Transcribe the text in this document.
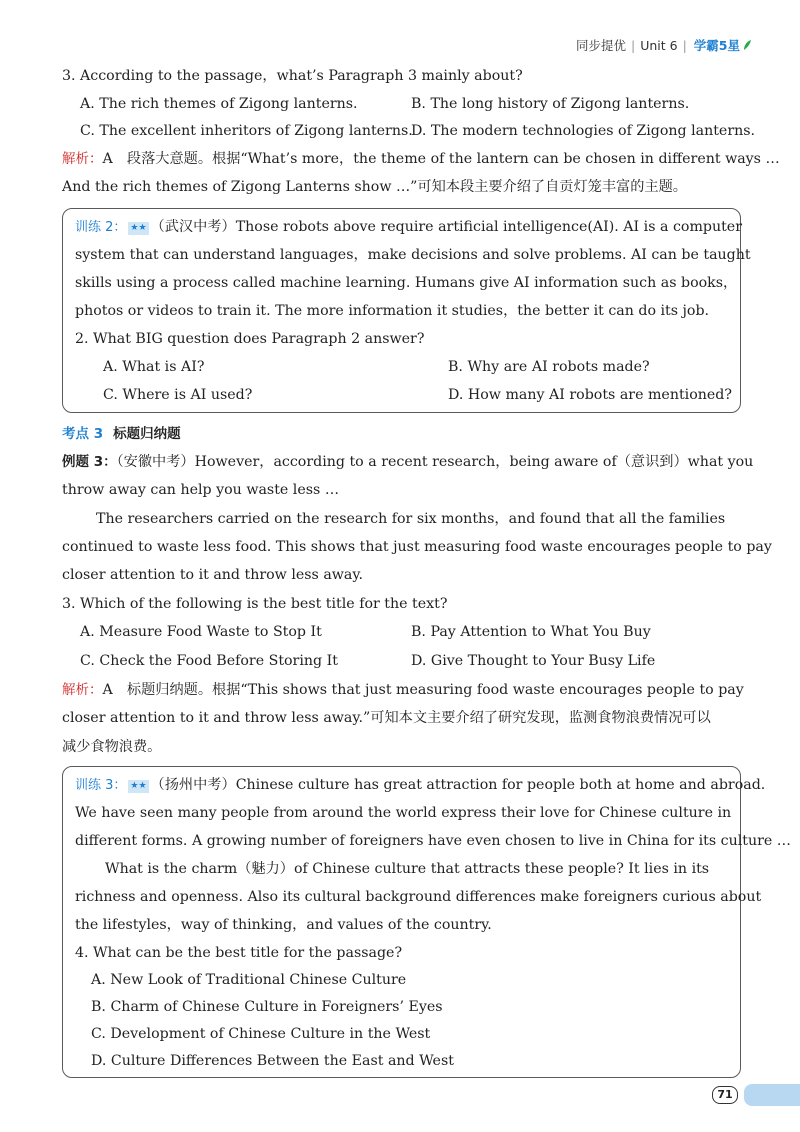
同步提优 | Unit 6 | 学霸5星
3. According to the passage，what’s Paragraph 3 mainly about?
A. The rich themes of Zigong lanterns.	B. The long history of Zigong lanterns.
C. The excellent inheritors of Zigong lanterns.
D. The modern technologies of Zigong lanterns.
解析：A　段落大意题。根据“What’s more，the theme of the lantern can be chosen in different ways …
And the rich themes of Zigong Lanterns show …”可知本段主要介绍了自贡灯笼丰富的主题。
训练 2： ★★ （武汉中考）Those robots above require artificial intelligence(AI). AI is a computer
system that can understand languages，make decisions and solve problems. AI can be taught
skills using a process called machine learning. Humans give AI information such as books，
photos or videos to train it. The more information it studies，the better it can do its job.
2. What BIG question does Paragraph 2 answer?
A. What is AI?	B. Why are AI robots made?
C. Where is AI used?	D. How many AI robots are mentioned?
考点 3 标题归纳题
例题 3：（安徽中考）However，according to a recent research，being aware of（意识到）what you
throw away can help you waste less …
The researchers carried on the research for six months，and found that all the families
continued to waste less food. This shows that just measuring food waste encourages people to pay
closer attention to it and throw less away.
3. Which of the following is the best title for the text?
A. Measure Food Waste to Stop It	B. Pay Attention to What You Buy
C. Check the Food Before Storing It	D. Give Thought to Your Busy Life
解析：A　标题归纳题。根据“This shows that just measuring food waste encourages people to pay
closer attention to it and throw less away.”可知本文主要介绍了研究发现，监测食物浪费情况可以
减少食物浪费。
训练 3： ★★ （扬州中考）Chinese culture has great attraction for people both at home and abroad.
We have seen many people from around the world express their love for Chinese culture in
different forms. A growing number of foreigners have even chosen to live in China for its culture …
What is the charm（魅力）of Chinese culture that attracts these people? It lies in its
richness and openness. Also its cultural background differences make foreigners curious about
the lifestyles，way of thinking，and values of the country.
4. What can be the best title for the passage?
A. New Look of Traditional Chinese Culture
B. Charm of Chinese Culture in Foreigners’ Eyes
C. Development of Chinese Culture in the West
D. Culture Differences Between the East and West
71
